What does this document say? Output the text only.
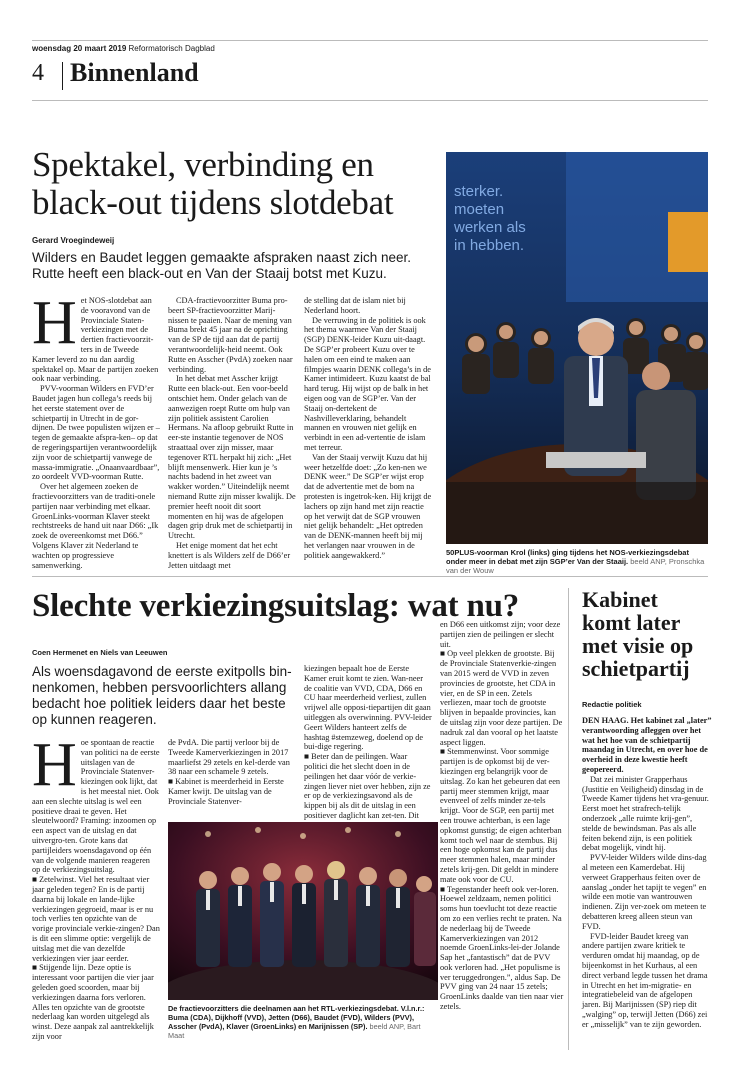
woensdag 20 maart 2019 Reformatorisch Dagblad
4 Binnenland
Spektakel, verbinding en black-out tijdens slotdebat
Gerard Vroegindeweij
Wilders en Baudet leggen gemaakte afspraken naast zich neer. Rutte heeft een black-out en Van der Staaij botst met Kuzu.
H et NOS-slotdebat aan de vooravond van de Provinciale Staten-verkiezingen met de dertien fractievoorzit-ters in de Tweede Kamer leverd zo nu dan aardig spektakel op. Maar de partijen zoeken ook naar verbinding.

PVV-voorman Wilders en FVD’er Baudet jagen hun collega’s reeds bij het eerste statement over de schietpartij in Utrecht in de gor-dijnen. De twee populisten wijzen er –tegen de gemaakte afspra-ken– op dat de regeringspartijen verantwoordelijk zijn voor de schietpartij vanwege de massa-immigratie. „Onaanvaardbaar”, zo oordeelt VVD-voorman Rutte.

Over het algemeen zoeken de fractievoorzitters van de traditi-onele partijen naar verbinding met elkaar. GroenLinks-voorman Klaver steekt rechtstreeks de hand uit naar D66: „Ik zoek de overeenkomst met D66.” Volgens Klaver zit Nederland te wachten op progressieve samenwerking.

CDA-fractievoorzitter Buma pro-beert SP-fractievoorzitter Marij-nissen te paaien. Naar de mening van Buma brekt 45 jaar na de oprichting van de SP de tijd aan dat de partij verantwoordelijk-heid neemt. Ook Rutte en Asscher (PvdA) zoeken naar verbinding.

In het debat met Asscher krijgt Rutte een black-out. Een voor-beeld ontschiet hem. Onder gelach van de aanwezigen roept Rutte om hulp van zijn politiek assistent Carolien Hermans. Na afloop gebruikt Rutte in eer-ste instantie tegenover de NOS straattaal over zijn misser, maar tegenover RTL herpakt hij zich: „Het blijft mensenwerk. Hier kun je ’s nachts badend in het zweet van wakker worden.” Uiteindelijk neemt niemand Rutte zijn misser kwalijk. De premier heeft nooit dit soort momenten en hij was de afgelopen dagen grip druk met de schietpartij in Utrecht.

Het enige moment dat het echt knettert is als Wilders zelf de D66’er Jetten uitdaagt met

de stelling dat de islam niet bij Nederland hoort.

De verruwing in de politiek is ook het thema waarmee Van der Staaij (SGP) DENK-leider Kuzu uit-daagt. De SGP’er probeert Kuzu over te halen om een eind te maken aan filmpjes waarin DENK collega’s in de Kamer intimideert. Kuzu kaatst de bal hard terug. Hij wijst op de balk in het eigen oog van de SGP’er. Van der Staaij on-dertekent de Nashvilleverklaring, behandelt mannen en vrouwen niet gelijk en verbindt in een ad-vertentie de islam met terreur.

Van der Staaij verwijt Kuzu dat hij weer hetzelfde doet: „Zo ken-nen we DENK weer.” De SGP’er wijst erop dat de advertentie met de bom na protesten is ingetrok-ken. Hij krijgt de lachers op zijn hand met zijn reactie op het verwijt dat de SGP vrouwen niet gelijk behandelt: „Het optreden van de DENK-mannen heeft bij mij het verlangen naar vrouwen in de politiek aangewakkerd.”

sterker. moeten werken als in hebben.
50PLUS-voorman Krol (links) ging tijdens het NOS-verkiezingsdebat onder meer in debat met zijn SGP’er Van der Staaij. beeld ANP, Pronschka van der Wouw
Slechte verkiezingsuitslag: wat nu?
Coen Hermenet en Niels van Leeuwen
Als woensdagavond de eerste exitpolls bin-nenkomen, hebben persvoorlichters allang bedacht hoe politiek leiders daar het beste op kunnen reageren.
H oe spontaan de reactie van politici na de eerste uitslagen van de Provinciale Statenver-kiezingen ook lijkt, dat is het meestal niet. Ook aan een slechte uitslag is wel een positieve draai te geven. Het sleutelwoord? Framing: inzoomen op een aspect van de uitslag en dat uitvergro-ten. Grote kans dat partijleiders woensdagavond op één van de volgende manieren reageren op de verkiezingsuitslag.

■ Zetelwinst. Viel het resultaat vier jaar geleden tegen? En is de partij daarna bij lokale en lande-lijke verkiezingen gegroeid, maar is er nu toch verlies ten opzichte van de vorige provinciale verkie-zingen? Dan is dit een slimme optie: vergelijk de uitslag met die van dezelfde verkiezingen vier jaar eerder.

■ Stijgende lijn. Deze optie is interessant voor partijen die vier jaar geleden goed scoorden, maar bij verkiezingen daarna fors verloren. Alles ten opzichte van de grootste nederlaag kan worden uitgelegd als winst. Deze aanpak zal aantrekkelijk zijn voor

de PvdA. Die partij verloor bij de Tweede Kamerverkiezingen in 2017 maarliefst 29 zetels en kel-derde van 38 naar een schamele 9 zetels.

■ Kabinet is meerderheid in Eerste Kamer kwijt. De uitslag van de Provinciale Statenver-

kiezingen bepaalt hoe de Eerste Kamer eruit komt te zien. Wan-neer de coalitie van VVD, CDA, D66 en CU haar meerderheid verliest, zullen vrijwel alle opposi-tiepartijen dit gaan uitleggen als overwinning. PVV-leider Geert Wilders hanteert zelfs de hashtag #stemzeweg, doelend op de bui-dige regering.

■ Beter dan de peilingen. Waar politici die het slecht doen in de peilingen het daar vóór de verkie-zingen liever niet over hebben, zijn ze er op de verkiezingsavond als de kippen bij als dit de uitslag in een positiever daglicht kan zet-ten. Dit

en D66 een uitkomst zijn; voor deze partijen zien de peilingen er slecht uit.

■ Op veel plekken de grootste. Bij de Provinciale Statenverkie-zingen van 2015 werd de VVD in zeven provincies de grootste, het CDA in vier, en de SP in een. Zetels verliezen, maar toch de grootste blijven in bepaalde provincies, kan de uitslag zijn voor deze partijen. De nadruk zal dan vooral op het laatste aspect liggen.

■ Stemmenwinst. Voor sommige partijen is de opkomst bij de ver-kiezingen erg belangrijk voor de uitslag. Zo kan het gebeuren dat een partij meer stemmen krijgt, maar evenveel of zelfs minder ze-tels krijgt. Voor de SGP, een partij met een trouwe achterban, is een lage opkomst gunstig; de eigen achterban komt toch wel naar de stembus. Bij een hoge opkomst kan de partij dus meer stemmen halen, maar minder zetels krij-gen. Dit geldt in mindere mate ook voor de CU.

■ Tegenstander heeft ook ver-loren. Hoewel zeldzaam, nemen politici soms hun toevlucht tot deze reactie om zo een verlies recht te praten. Na de nederlaag bij de Tweede Kamerverkiezingen van 2012 noemde GroenLinks-lei-der Jolande Sap het „fantastisch” dat de PVV ook verloren had. „Het populisme is ver teruggedrongen.”, aldus Sap. De PVV ging van 24 naar 15 zetels; GroenLinks daalde van tien naar vier zetels.

De fractievoorzitters die deelnamen aan het RTL-verkiezingsdebat. V.l.n.r.: Buma (CDA), Dijkhoff (VVD), Jetten (D66), Baudet (FVD), Wilders (PVV), Asscher (PvdA), Klaver (GroenLinks) en Marijnissen (SP). beeld ANP, Bart Maat
Kabinet komt later met visie op schietpartij
Redactie politiek

DEN HAAG. Het kabinet zal „later” verantwoording afleggen over het wat het hoe van de schietpartij maandag in Utrecht, en over hoe de overheid in deze kwestie heeft geopereerd.

Dat zei minister Grapperhaus (Justitie en Veiligheid) dinsdag in de Tweede Kamer tijdens het vra-genuur. Eerst moet het strafrech-telijk onderzoek „alle ruimte krij-gen”, stelde de bewindsman. Pas als alle feiten bekend zijn, is een politiek debat mogelijk, vindt hij.

PVV-leider Wilders wilde dins-dag al meteen een Kamerdebat. Hij verweet Grapperhaus feiten over de aanslag „onder het tapijt te vegen” en wilde een motie van wantrouwen indienen. Zijn ver-zoek om meteen te debatteren kreeg alleen steun van FVD.

FVD-leider Baudet kreeg van andere partijen zware kritiek te verduren omdat hij maandag, op de bijeenkomst in het Kurhaus, al een direct verband legde tussen het drama in Utrecht en het im-migratie- en integratiebeleid van de afgelopen jaren. Bij Marijnissen (SP) riep dit „walging” op, terwijl Jetten (D66) zei er „misselijk” van te zijn geworden.
